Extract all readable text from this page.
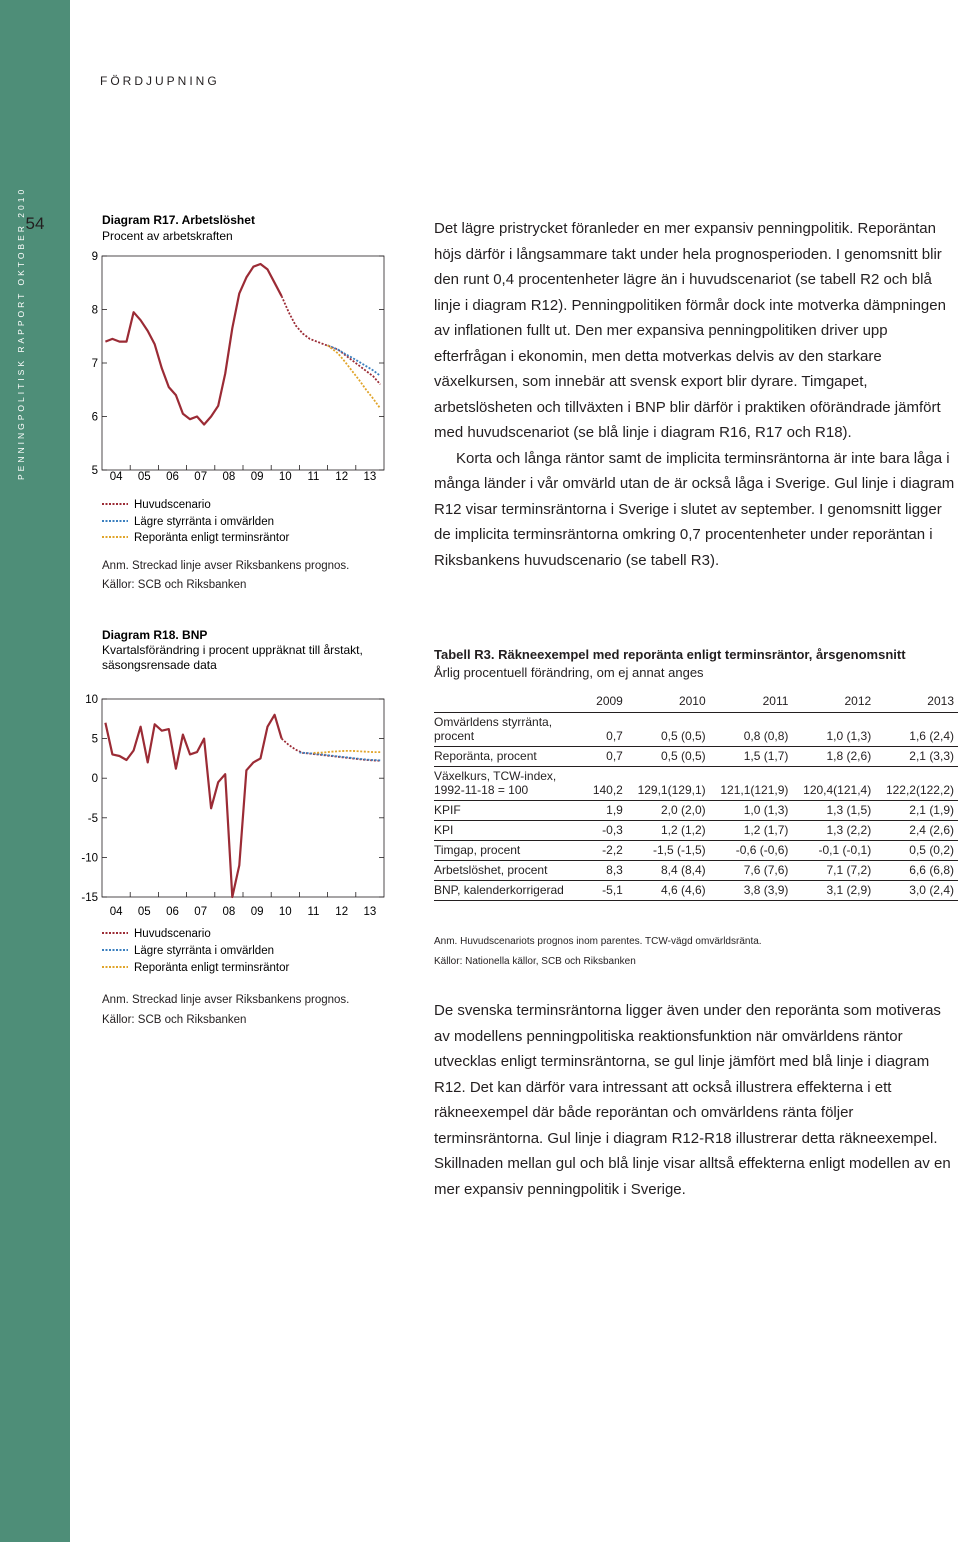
54
PENNINGPOLITISK RAPPORT OKTOBER 2010
FÖRDJUPNING
Diagram R17. Arbetslöshet
Procent av arbetskraften
9
8
7
6
5 04 05 06 07 08 09 10 11 12 13
Huvudscenario
Lägre styrränta i omvärlden
Reporänta enligt terminsräntor
Anm. Streckad linje avser Riksbankens prognos.
Källor: SCB och Riksbanken
Diagram R18. BNP
Kvartalsförändring i procent uppräknat till årstakt,
säsongsrensade data
10
5
0
-5
-10
-15
04 05 06 07 08 09 10 11 12 13
Huvudscenario
Lägre styrränta i omvärlden
Reporänta enligt terminsräntor
Anm. Streckad linje avser Riksbankens prognos.
Källor: SCB och Riksbanken

Det lägre pristrycket föranleder en mer expansiv penningpolitik. Reporäntan höjs därför i långsammare takt under hela prognosperioden. I genomsnitt blir den runt 0,4 procentenheter lägre än i huvudscenariot (se tabell R2 och blå linje i diagram R12). Penningpolitiken förmår dock inte motverka dämpningen av inflationen fullt ut. Den mer expansiva penningpolitiken driver upp efterfrågan i ekonomin, men detta motverkas delvis av den starkare växelkursen, som innebär att svensk export blir dyrare. Timgapet, arbetslösheten och tillväxten i BNP blir därför i praktiken oförändrade jämfört med huvudscenariot (se blå linje i diagram R16, R17 och R18).

Korta och långa räntor samt de implicita terminsräntorna är inte bara låga i många länder i vår omvärld utan de är också låga i Sverige. Gul linje i diagram R12 visar terminsräntorna i Sverige i slutet av september. I genomsnitt ligger de implicita terminsräntorna omkring 0,7 procentenheter under reporäntan i Riksbankens huvudscenario (se tabell R3).

Tabell R3. Räkneexempel med reporänta enligt terminsräntor, årsgenomsnitt
Årlig procentuell förändring, om ej annat anges
	2009	2010	2011	2012	2013
Omvärldens styrränta,
procent	0,7	0,5 (0,5)	0,8 (0,8)	1,0 (1,3)	1,6 (2,4)
Reporänta, procent	0,7	0,5 (0,5)	1,5 (1,7)	1,8 (2,6)	2,1 (3,3)
Växelkurs, TCW-index,
1992-11-18 = 100	140,2	129,1(129,1)	121,1(121,9)	120,4(121,4)	122,2(122,2)
KPIF	1,9	2,0 (2,0)	1,0 (1,3)	1,3 (1,5)	2,1 (1,9)
KPI	-0,3	1,2 (1,2)	1,2 (1,7)	1,3 (2,2)	2,4 (2,6)
Timgap, procent	-2,2	-1,5 (-1,5)	-0,6 (-0,6)	-0,1 (-0,1)	0,5 (0,2)
Arbetslöshet, procent	8,3	8,4 (8,4)	7,6 (7,6)	7,1 (7,2)	6,6 (6,8)
BNP, kalenderkorrigerad	-5,1	4,6 (4,6)	3,8 (3,9)	3,1 (2,9)	3,0 (2,4)
Anm. Huvudscenariots prognos inom parentes. TCW-vägd omvärldsränta.
Källor: Nationella källor, SCB och Riksbanken

De svenska terminsräntorna ligger även under den reporänta som motiveras av modellens penningpolitiska reaktionsfunktion när omvärldens räntor utvecklas enligt terminsräntorna, se gul linje jämfört med blå linje i diagram R12. Det kan därför vara intressant att också illustrera effekterna i ett räkneexempel där både reporäntan och omvärldens ränta följer terminsräntorna. Gul linje i diagram R12-R18 illustrerar detta räkneexempel. Skillnaden mellan gul och blå linje visar alltså effekterna enligt modellen av en mer expansiv penningpolitik i Sverige.
